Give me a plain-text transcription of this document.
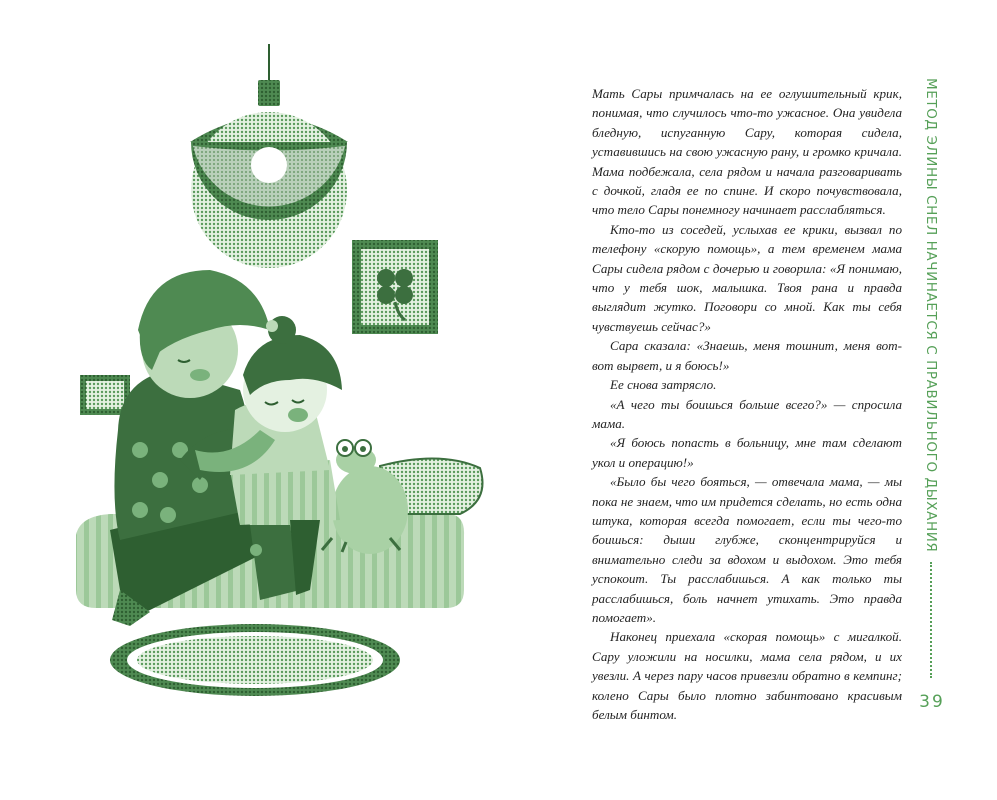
Мать Сары примчалась на ее оглушительный крик, понимая, что случилось что-то ужасное. Она увидела бледную, испуганную Сару, которая сидела, уставившись на свою ужасную рану, и громко кричала. Мама подбежала, села рядом и начала разговаривать с дочкой, гладя ее по спине. И скоро почувствовала, что тело Сары понемногу начинает расслабляться.

Кто-то из соседей, услыхав ее крики, вызвал по телефону «скорую помощь», а тем временем мама Сары сидела рядом с дочерью и говорила: «Я понимаю, что у тебя шок, малышка. Твоя рана и правда выглядит жутко. Поговори со мной. Как ты себя чувствуешь сейчас?»

Сара сказала: «Знаешь, меня тошнит, меня вот-вот вырвет, и я боюсь!»

Ее снова затрясло.

«А чего ты боишься больше всего?» — спросила мама.

«Я боюсь попасть в больницу, мне там сделают укол и операцию!»

«Было бы чего бояться, — отвечала мама, — мы пока не знаем, что им придется сделать, но есть одна штука, которая всегда помогает, если ты чего-то боишься: дыши глубже, сконцентрируйся и внимательно следи за вдохом и выдохом. Это тебя успокоит. Ты расслабишься. А как только ты расслабишься, боль начнет утихать. Это правда помогает».

Наконец приехала «скорая помощь» с мигалкой. Сару уложили на носилки, мама села рядом, и их увезли. А через пару часов привезли обратно в кемпинг; колено Сары было плотно забинтовано красивым белым бинтом.

МЕТОД ЭЛИНЫ СНЕЛ НАЧИНАЕТСЯ С ПРАВИЛЬНОГО ДЫХАНИЯ
39
